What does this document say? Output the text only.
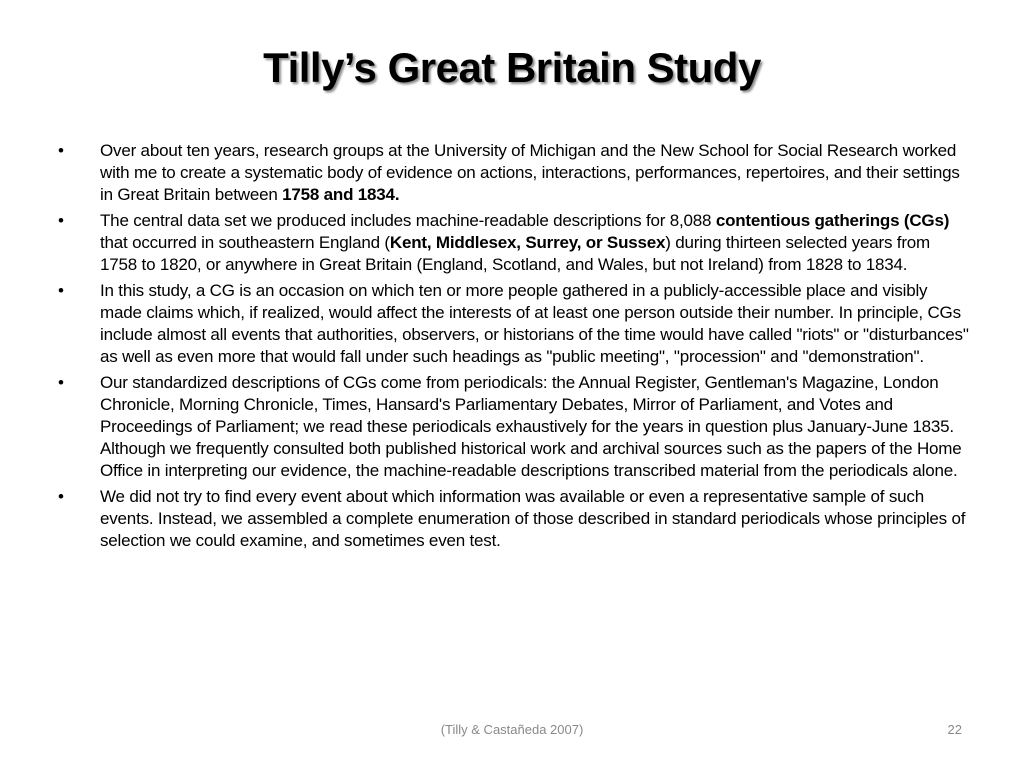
Tilly’s Great Britain Study
•	Over about ten years, research groups at the University of Michigan and the New School for Social Research worked with me to create a systematic body of evidence on actions, interactions, performances, repertoires, and their settings in Great Britain between 1758 and 1834.
•	The central data set we produced includes machine-readable descriptions for 8,088 contentious gatherings (CGs) that occurred in southeastern England (Kent, Middlesex, Surrey, or Sussex) during thirteen selected years from 1758 to 1820, or anywhere in Great Britain (England, Scotland, and Wales, but not Ireland) from 1828 to 1834.
•	In this study, a CG is an occasion on which ten or more people gathered in a publicly-accessible place and visibly made claims which, if realized, would affect the interests of at least one person outside their number. In principle, CGs include almost all events that authorities, observers, or historians of the time would have called "riots" or "disturbances" as well as even more that would fall under such headings as "public meeting", "procession" and "demonstration".
•	Our standardized descriptions of CGs come from periodicals: the Annual Register, Gentleman's Magazine, London Chronicle, Morning Chronicle, Times, Hansard's Parliamentary Debates, Mirror of Parliament, and Votes and Proceedings of Parliament; we read these periodicals exhaustively for the years in question plus January-June 1835. Although we frequently consulted both published historical work and archival sources such as the papers of the Home Office in interpreting our evidence, the machine-readable descriptions transcribed material from the periodicals alone.
•	We did not try to find every event about which information was available or even a representative sample of such events. Instead, we assembled a complete enumeration of those described in standard periodicals whose principles of selection we could examine, and sometimes even test.
(Tilly & Castañeda 2007)	22
